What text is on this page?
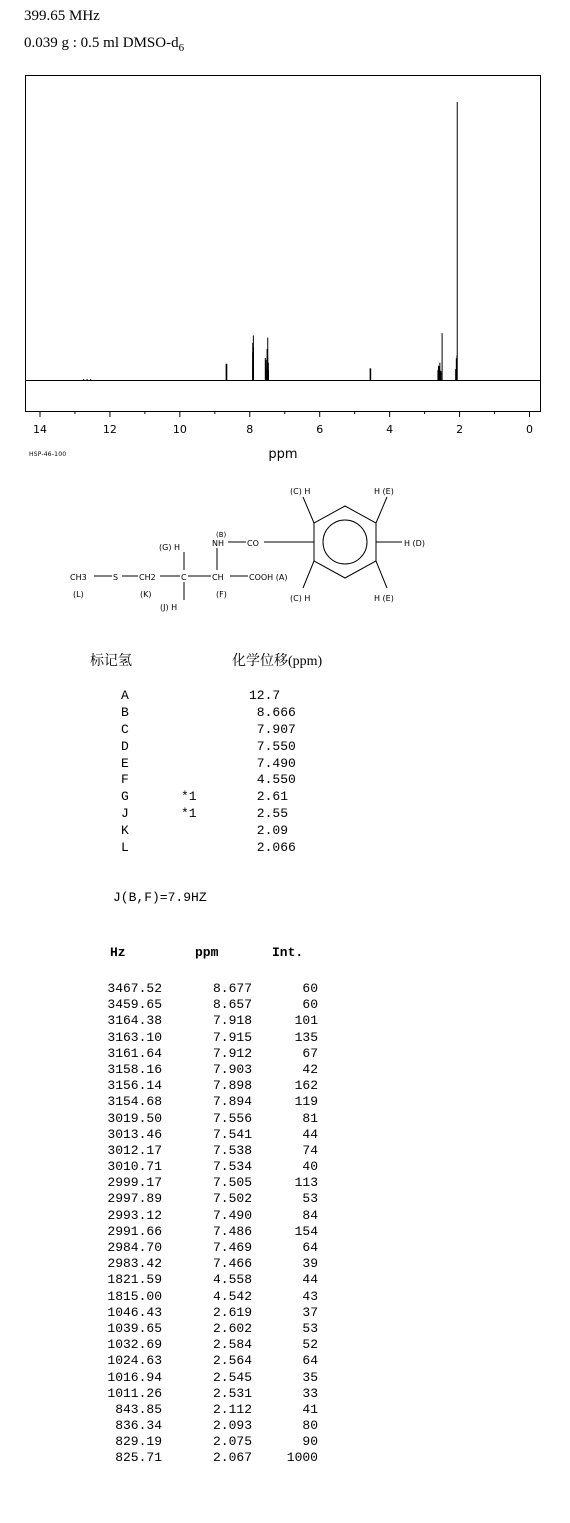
399.65 MHz
0.039 g : 0.5 ml DMSO-$d_6$
14	12	10	8	6	4	2	0
ppm
HSP-46-100
(C) H	H (E)
(C) H	H (E)
H (D)
(B)
NH	CO
(G) H
CH3	S	CH2	C	CH	COOH (A)
(L)	(K)	(F)
(J) H
标记氢	化学位移(ppm)
A	12.7
B	8.666
C	7.907
D	7.550
E	7.490
F	4.550
G	*1	2.61
J	*1	2.55
K	2.09
L	2.066
J(B,F)=7.9HZ
Hz	ppm	Int.
3467.52	8.677	60
3459.65	8.657	60
3164.38	7.918	101
3163.10	7.915	135
3161.64	7.912	67
3158.16	7.903	42
3156.14	7.898	162
3154.68	7.894	119
3019.50	7.556	81
3013.46	7.541	44
3012.17	7.538	74
3010.71	7.534	40
2999.17	7.505	113
2997.89	7.502	53
2993.12	7.490	84
2991.66	7.486	154
2984.70	7.469	64
2983.42	7.466	39
1821.59	4.558	44
1815.00	4.542	43
1046.43	2.619	37
1039.65	2.602	53
1032.69	2.584	52
1024.63	2.564	64
1016.94	2.545	35
1011.26	2.531	33
843.85	2.112	41
836.34	2.093	80
829.19	2.075	90
825.71	2.067	1000
